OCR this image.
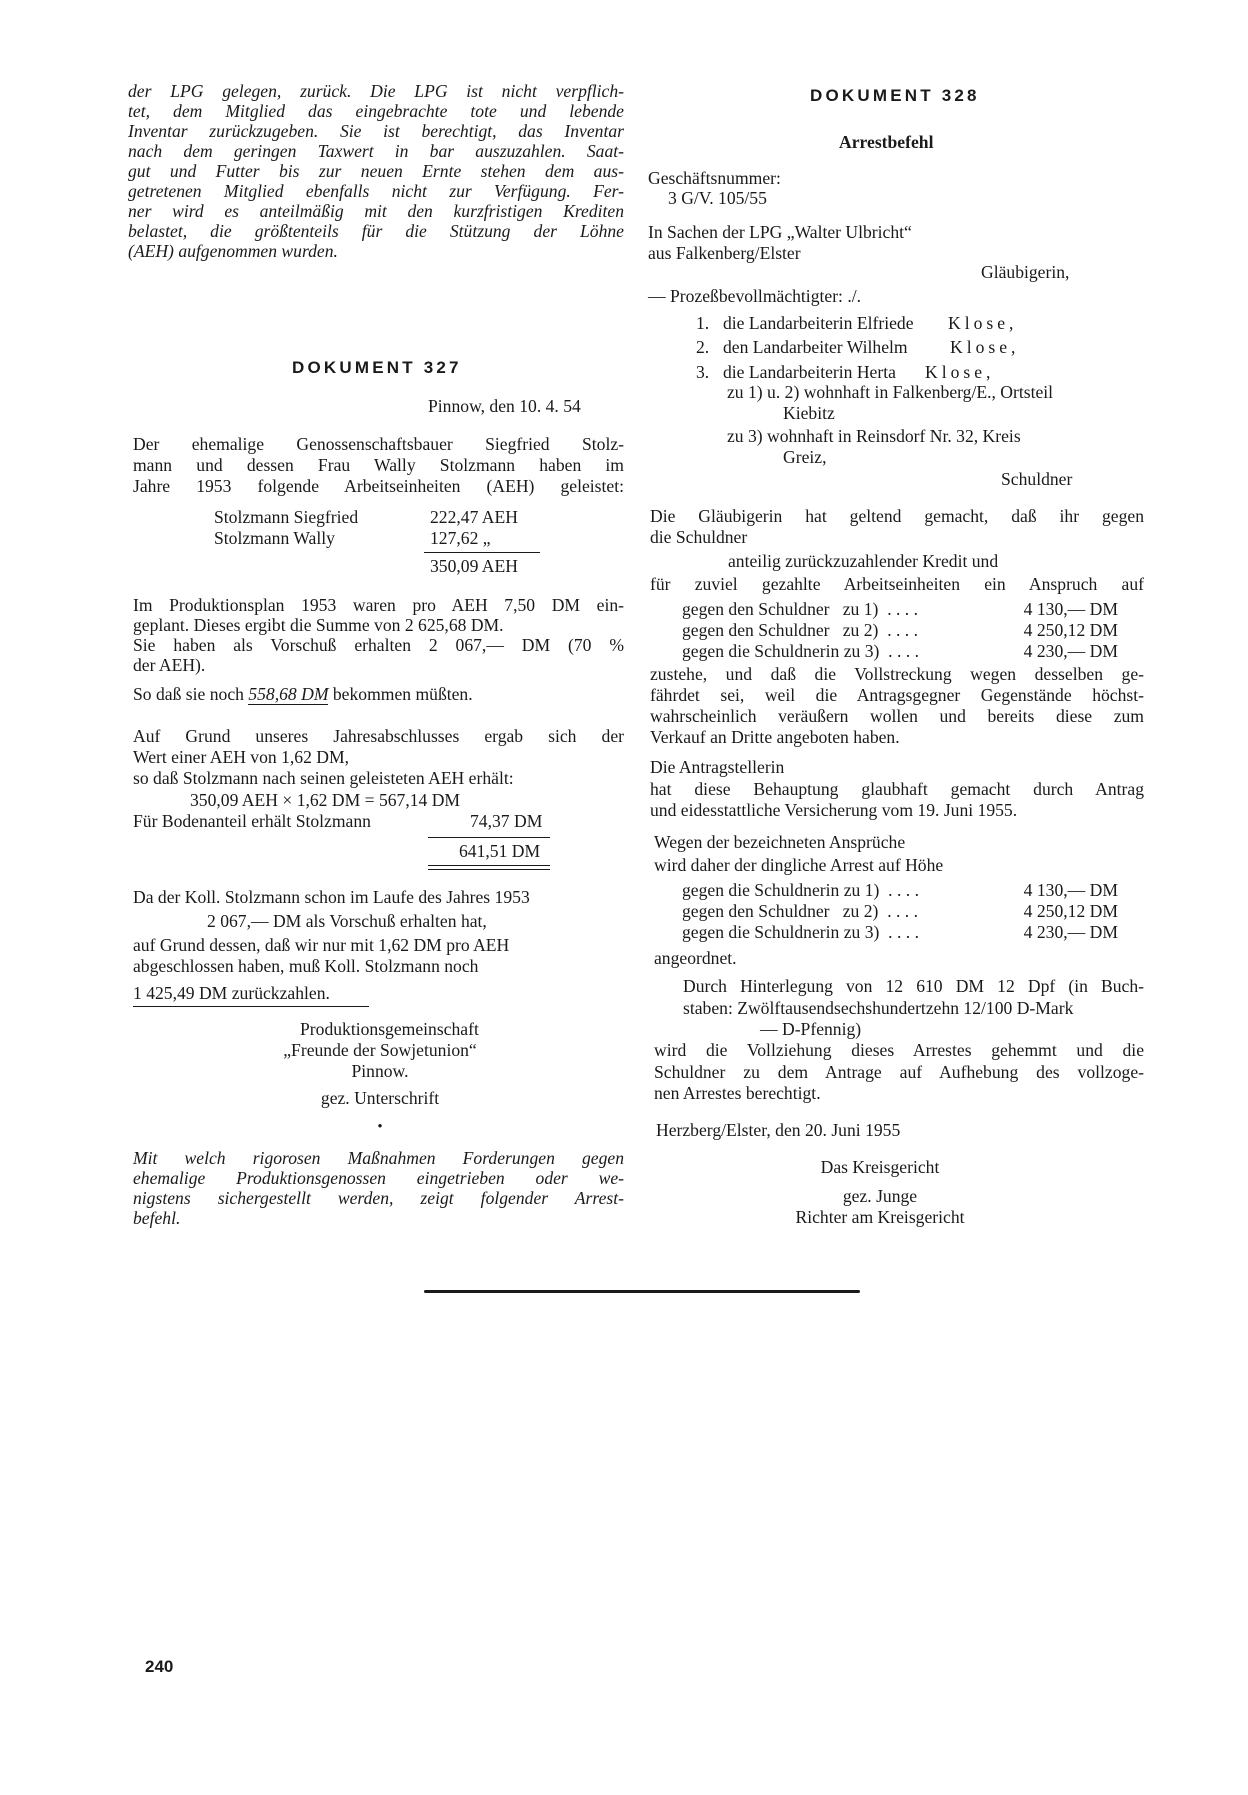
der LPG gelegen, zurück. Die LPG ist nicht verpflich-
tet, dem Mitglied das eingebrachte tote und lebende
Inventar zurückzugeben. Sie ist berechtigt, das Inventar
nach dem geringen Taxwert in bar auszuzahlen. Saat-
gut und Futter bis zur neuen Ernte stehen dem aus-
getretenen Mitglied ebenfalls nicht zur Verfügung. Fer-
ner wird es anteilmäßig mit den kurzfristigen Krediten
belastet, die größtenteils für die Stützung der Löhne
(AEH) aufgenommen wurden.
DOKUMENT 327
Pinnow, den 10. 4. 54
Der ehemalige Genossenschaftsbauer Siegfried Stolz-
mann und dessen Frau Wally Stolzmann haben im
Jahre 1953 folgende Arbeitseinheiten (AEH) geleistet:
Stolzmann Siegfried	222,47 AEH
Stolzmann Wally	127,62 „
350,09 AEH
Im Produktionsplan 1953 waren pro AEH 7,50 DM ein-
geplant. Dieses ergibt die Summe von 2 625,68 DM.
Sie haben als Vorschuß erhalten 2 067,— DM (70 %
der AEH).
So daß sie noch 558,68 DM bekommen müßten.
Auf Grund unseres Jahresabschlusses ergab sich der
Wert einer AEH von 1,62 DM,
so daß Stolzmann nach seinen geleisteten AEH erhält:
350,09 AEH × 1,62 DM = 567,14 DM
Für Bodenanteil erhält Stolzmann	74,37 DM
641,51 DM
Da der Koll. Stolzmann schon im Laufe des Jahres 1953
2 067,— DM als Vorschuß erhalten hat,
auf Grund dessen, daß wir nur mit 1,62 DM pro AEH
abgeschlossen haben, muß Koll. Stolzmann noch
1 425,49 DM zurückzahlen.
Produktionsgemeinschaft
„Freunde der Sowjetunion“
Pinnow.
gez. Unterschrift
•
Mit welch rigorosen Maßnahmen Forderungen gegen
ehemalige Produktionsgenossen eingetrieben oder we-
nigstens sichergestellt werden, zeigt folgender Arrest-
befehl.
DOKUMENT 328
Arrestbefehl
Geschäftsnummer:
3 G/V. 105/55
In Sachen der LPG „Walter Ulbricht“
aus Falkenberg/Elster
Gläubigerin,
— Prozeßbevollmächtigter: ./.
1. die Landarbeiterin Elfriede Klose,
2. den Landarbeiter Wilhelm Klose,
3. die Landarbeiterin Herta Klose,
zu 1) u. 2) wohnhaft in Falkenberg/E., Ortsteil
Kiebitz
zu 3) wohnhaft in Reinsdorf Nr. 32, Kreis
Greiz,
Schuldner
Die Gläubigerin hat geltend gemacht, daß ihr gegen
die Schuldner
anteilig zurückzuzahlender Kredit und
für zuviel gezahlte Arbeitseinheiten ein Anspruch auf
gegen den Schuldner   zu 1)  . . . .	4 130,— DM
gegen den Schuldner   zu 2)  . . . .	4 250,12 DM
gegen die Schuldnerin zu 3)  . . . .	4 230,— DM
zustehe, und daß die Vollstreckung wegen desselben ge-
fährdet sei, weil die Antragsgegner Gegenstände höchst-
wahrscheinlich veräußern wollen und bereits diese zum
Verkauf an Dritte angeboten haben.
Die Antragstellerin
hat diese Behauptung glaubhaft gemacht durch Antrag
und eidesstattliche Versicherung vom 19. Juni 1955.
Wegen der bezeichneten Ansprüche
wird daher der dingliche Arrest auf Höhe
gegen die Schuldnerin zu 1)  . . . .	4 130,— DM
gegen den Schuldner   zu 2)  . . . .	4 250,12 DM
gegen die Schuldnerin zu 3)  . . . .	4 230,— DM
angeordnet.
Durch Hinterlegung von 12 610 DM 12 Dpf (in Buch-
staben: Zwölftausendsechshundertzehn 12/100 D-Mark
— D-Pfennig)
wird die Vollziehung dieses Arrestes gehemmt und die
Schuldner zu dem Antrage auf Aufhebung des vollzoge-
nen Arrestes berechtigt.
Herzberg/Elster, den 20. Juni 1955
Das Kreisgericht
gez. Junge
Richter am Kreisgericht
240
